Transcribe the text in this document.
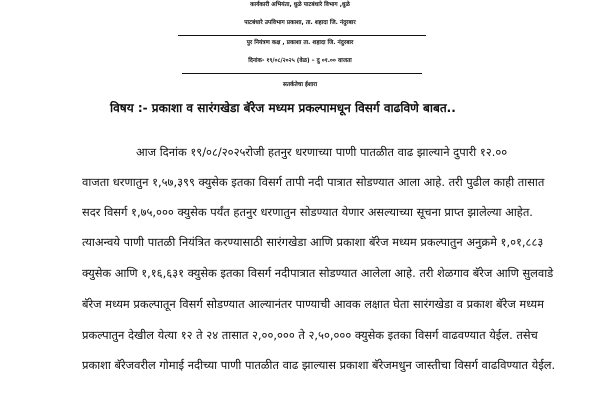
कार्यकारी अभियंता, धुळे पाटबंधारे विभाग ,धुळे
पाटबंधारे उपविभाग प्रकाशा, ता. शहादा जि. नंदुरबार
पुर नियंत्रण कक्ष , प्रकाशा ता. शहादा जि. नंदुरबार
दिनांक- १९/०८/२०२५ (वेळ) – दु ०१.०० वाजता
सतर्कतेचा ईशारा
विषय :- प्रकाशा व सारंगखेडा बॅरेज मध्यम प्रकल्पामधून विसर्ग वाढविणे बाबत..
आज दिनांक १९/०८/२०२५रोजी हतनुर धरणाच्या पाणी पातळीत वाढ झाल्याने दुपारी १२.००
वाजता धरणातुन १,५७,३९९ क्युसेक इतका विसर्ग तापी नदी पात्रात सोडण्यात आला आहे. तरी पुढील काही तासात
सदर विसर्ग १,७५,००० क्युसेक पर्यंत हतनुर धरणातुन सोडण्यात येणार असल्याच्या सूचना प्राप्त झालेल्या आहेत.
त्याअन्वये पाणी पातळी नियंत्रित करण्यासाठी सारंगखेडा आणि प्रकाशा बॅरेज मध्यम प्रकल्पातुन अनुक्रमे १,०१,८८३
क्युसेक आणि १,१६,६३१ क्युसेक इतका विसर्ग नदीपात्रात सोडण्यात आलेला आहे. तरी शेळगाव बॅरेज आणि सुलवाडे
बॅरेज मध्यम प्रकल्पातून विसर्ग सोडण्यात आल्यानंतर पाण्याची आवक लक्षात घेता सारंगखेडा व प्रकाश बॅरेज मध्यम
प्रकल्पातुन देखील येत्या १२ ते २४ तासात २,००,००० ते २,५०,००० क्युसेक इतका विसर्ग वाढवण्यात येईल. तसेच
प्रकाशा बॅरेजवरील गोमाई नदीच्या पाणी पातळीत वाढ झाल्यास प्रकाशा बॅरेजमधुन जास्तीचा विसर्ग वाढविण्यात येईल.
